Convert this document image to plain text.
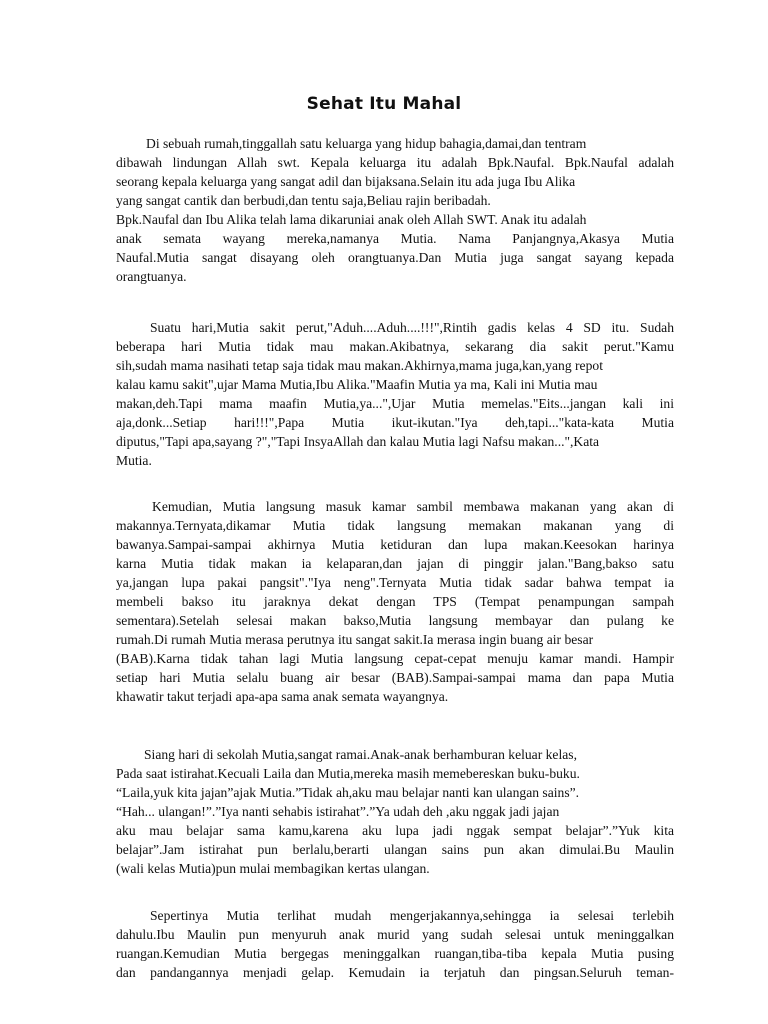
Sehat Itu Mahal
Di sebuah rumah,tinggallah satu keluarga yang hidup bahagia,damai,dan tentram
dibawah lindungan Allah swt. Kepala keluarga itu adalah Bpk.Naufal. Bpk.Naufal adalah
seorang kepala keluarga yang sangat adil dan bijaksana.Selain itu ada juga Ibu Alika
yang sangat cantik dan berbudi,dan tentu saja,Beliau rajin beribadah.
Bpk.Naufal dan Ibu Alika telah lama dikaruniai anak oleh Allah SWT. Anak itu adalah
anak semata wayang mereka,namanya Mutia. Nama Panjangnya,Akasya Mutia
Naufal.Mutia sangat disayang oleh orangtuanya.Dan Mutia juga sangat sayang kepada
orangtuanya.
Suatu hari,Mutia sakit perut,"Aduh....Aduh....!!!",Rintih gadis kelas 4 SD itu. Sudah
beberapa hari Mutia tidak mau makan.Akibatnya, sekarang dia sakit perut."Kamu
sih,sudah mama nasihati tetap saja tidak mau makan.Akhirnya,mama juga,kan,yang repot
kalau kamu sakit",ujar Mama Mutia,Ibu Alika."Maafin Mutia ya ma, Kali ini Mutia mau
makan,deh.Tapi mama maafin Mutia,ya...",Ujar Mutia memelas."Eits...jangan kali ini
aja,donk...Setiap hari!!!",Papa Mutia ikut-ikutan."Iya deh,tapi..."kata-kata Mutia
diputus,"Tapi apa,sayang ?","Tapi InsyaAllah dan kalau Mutia lagi Nafsu makan...",Kata
Mutia.
Kemudian, Mutia langsung masuk kamar sambil membawa makanan yang akan di
makannya.Ternyata,dikamar Mutia tidak langsung memakan makanan yang di
bawanya.Sampai-sampai akhirnya Mutia ketiduran dan lupa makan.Keesokan harinya
karna Mutia tidak makan ia kelaparan,dan jajan di pinggir jalan."Bang,bakso satu
ya,jangan lupa pakai pangsit"."Iya neng".Ternyata Mutia tidak sadar bahwa tempat ia
membeli bakso itu jaraknya dekat dengan TPS (Tempat penampungan sampah
sementara).Setelah selesai makan bakso,Mutia langsung membayar dan pulang ke
rumah.Di rumah Mutia merasa perutnya itu sangat sakit.Ia merasa ingin buang air besar
(BAB).Karna tidak tahan lagi Mutia langsung cepat-cepat menuju kamar mandi. Hampir
setiap hari Mutia selalu buang air besar (BAB).Sampai-sampai mama dan papa Mutia
khawatir takut terjadi apa-apa sama anak semata wayangnya.
Siang hari di sekolah Mutia,sangat ramai.Anak-anak berhamburan keluar kelas,
Pada saat istirahat.Kecuali Laila dan Mutia,mereka masih memebereskan buku-buku.
“Laila,yuk kita jajan”ajak Mutia.”Tidak ah,aku mau belajar nanti kan ulangan sains”.
“Hah... ulangan!”.”Iya nanti sehabis istirahat”.”Ya udah deh ,aku nggak jadi jajan
aku mau belajar sama kamu,karena aku lupa jadi nggak sempat belajar”.”Yuk kita
belajar”.Jam istirahat pun berlalu,berarti ulangan sains pun akan dimulai.Bu Maulin
(wali kelas Mutia)pun mulai membagikan kertas ulangan.
Sepertinya Mutia terlihat mudah mengerjakannya,sehingga ia selesai terlebih
dahulu.Ibu Maulin pun menyuruh anak murid yang sudah selesai untuk meninggalkan
ruangan.Kemudian Mutia bergegas meninggalkan ruangan,tiba-tiba kepala Mutia pusing
dan pandangannya menjadi gelap. Kemudain ia terjatuh dan pingsan.Seluruh teman-
